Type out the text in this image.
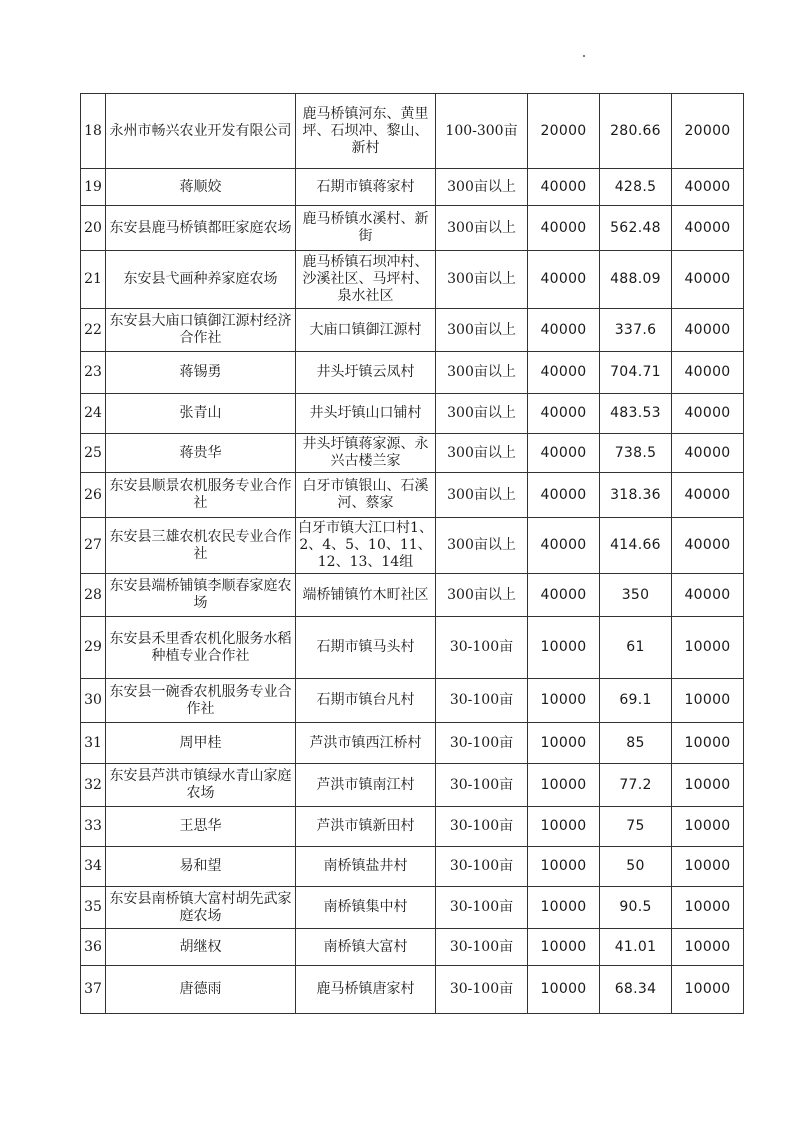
18	永州市畅兴农业开发有限公司	鹿马桥镇河东、黄里坪、石坝冲、黎山、新村	100-300亩	20000	280.66	20000
19	蒋顺姣	石期市镇蒋家村	300亩以上	40000	428.5	40000
20	东安县鹿马桥镇都旺家庭农场	鹿马桥镇水溪村、新街	300亩以上	40000	562.48	40000
21	东安县弋画种养家庭农场	鹿马桥镇石坝冲村、沙溪社区、马坪村、泉水社区	300亩以上	40000	488.09	40000
22	东安县大庙口镇御江源村经济合作社	大庙口镇御江源村	300亩以上	40000	337.6	40000
23	蒋锡勇	井头圩镇云凤村	300亩以上	40000	704.71	40000
24	张青山	井头圩镇山口铺村	300亩以上	40000	483.53	40000
25	蒋贵华	井头圩镇蒋家源、永兴古楼兰家	300亩以上	40000	738.5	40000
26	东安县顺景农机服务专业合作社	白牙市镇银山、石溪河、蔡家	300亩以上	40000	318.36	40000
27	东安县三雄农机农民专业合作社	白牙市镇大江口村1、2、4、5、10、11、12、13、14组	300亩以上	40000	414.66	40000
28	东安县端桥铺镇李顺春家庭农场	端桥铺镇竹木町社区	300亩以上	40000	350	40000
29	东安县禾里香农机化服务水稻种植专业合作社	石期市镇马头村	30-100亩	10000	61	10000
30	东安县一碗香农机服务专业合作社	石期市镇台凡村	30-100亩	10000	69.1	10000
31	周甲桂	芦洪市镇西江桥村	30-100亩	10000	85	10000
32	东安县芦洪市镇绿水青山家庭农场	芦洪市镇南江村	30-100亩	10000	77.2	10000
33	王思华	芦洪市镇新田村	30-100亩	10000	75	10000
34	易和望	南桥镇盐井村	30-100亩	10000	50	10000
35	东安县南桥镇大富村胡先武家庭农场	南桥镇集中村	30-100亩	10000	90.5	10000
36	胡继权	南桥镇大富村	30-100亩	10000	41.01	10000
37	唐德雨	鹿马桥镇唐家村	30-100亩	10000	68.34	10000
